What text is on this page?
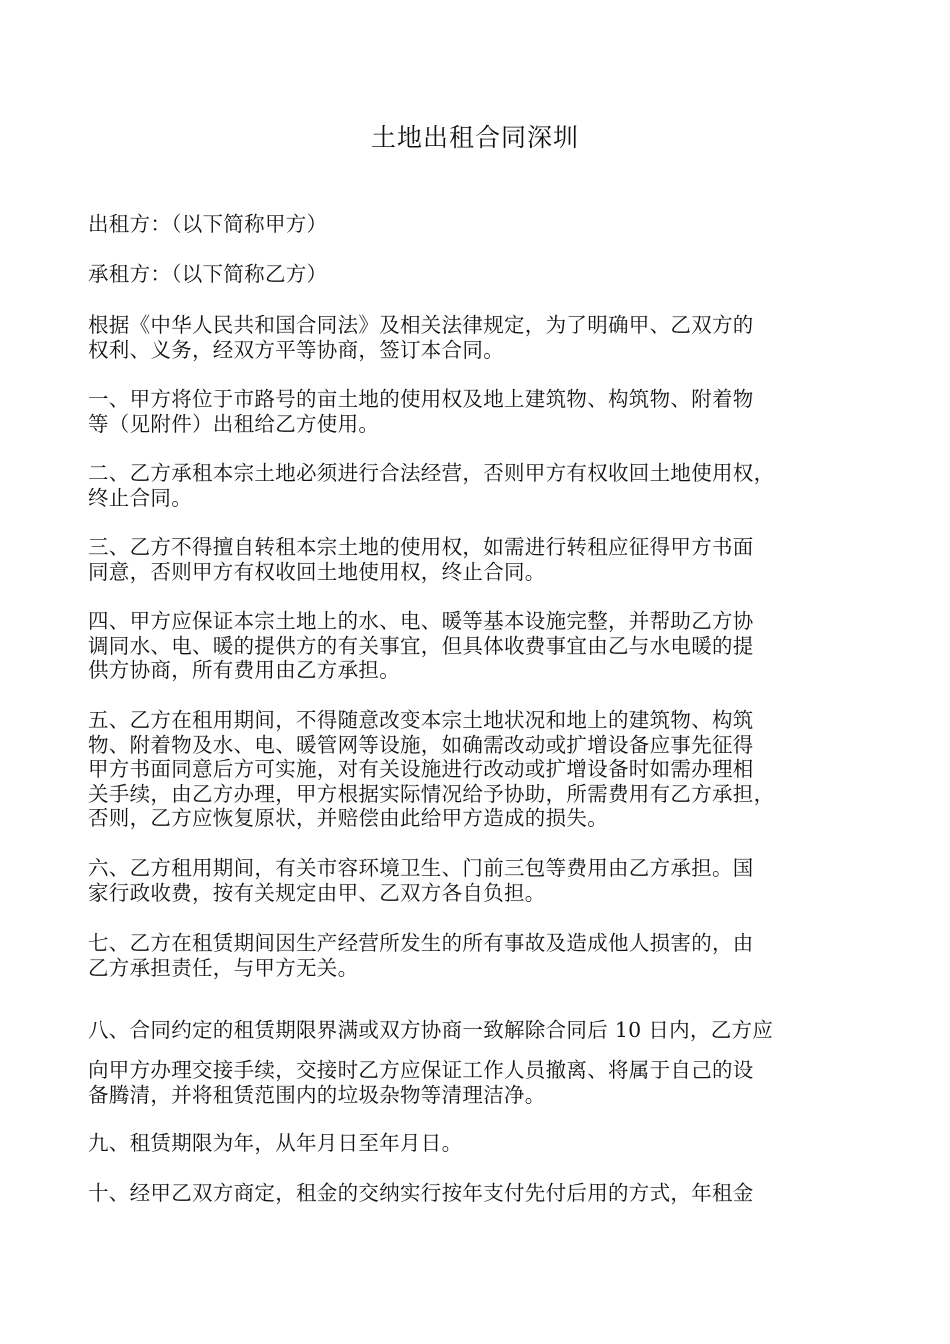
土地出租合同深圳

出租方：（以下简称甲方）

承租方：（以下简称乙方）

根据《中华人民共和国合同法》及相关法律规定，为了明确甲、乙双方的
权利、义务，经双方平等协商，签订本合同。

一、甲方将位于市路号的亩土地的使用权及地上建筑物、构筑物、附着物
等（见附件）出租给乙方使用。

二、乙方承租本宗土地必须进行合法经营，否则甲方有权收回土地使用权，
终止合同。

三、乙方不得擅自转租本宗土地的使用权，如需进行转租应征得甲方书面
同意，否则甲方有权收回土地使用权，终止合同。

四、甲方应保证本宗土地上的水、电、暖等基本设施完整，并帮助乙方协
调同水、电、暖的提供方的有关事宜，但具体收费事宜由乙与水电暖的提
供方协商，所有费用由乙方承担。

五、乙方在租用期间，不得随意改变本宗土地状况和地上的建筑物、构筑
物、附着物及水、电、暖管网等设施，如确需改动或扩增设备应事先征得
甲方书面同意后方可实施，对有关设施进行改动或扩增设备时如需办理相
关手续，由乙方办理，甲方根据实际情况给予协助，所需费用有乙方承担，
否则，乙方应恢复原状，并赔偿由此给甲方造成的损失。

六、乙方租用期间，有关市容环境卫生、门前三包等费用由乙方承担。国
家行政收费，按有关规定由甲、乙双方各自负担。

七、乙方在租赁期间因生产经营所发生的所有事故及造成他人损害的，由
乙方承担责任，与甲方无关。

八、合同约定的租赁期限界满或双方协商一致解除合同后 10 日内，乙方应

向甲方办理交接手续，交接时乙方应保证工作人员撤离、将属于自己的设
备腾清，并将租赁范围内的垃圾杂物等清理洁净。

九、租赁期限为年，从年月日至年月日。

十、经甲乙双方商定，租金的交纳实行按年支付先付后用的方式，年租金
